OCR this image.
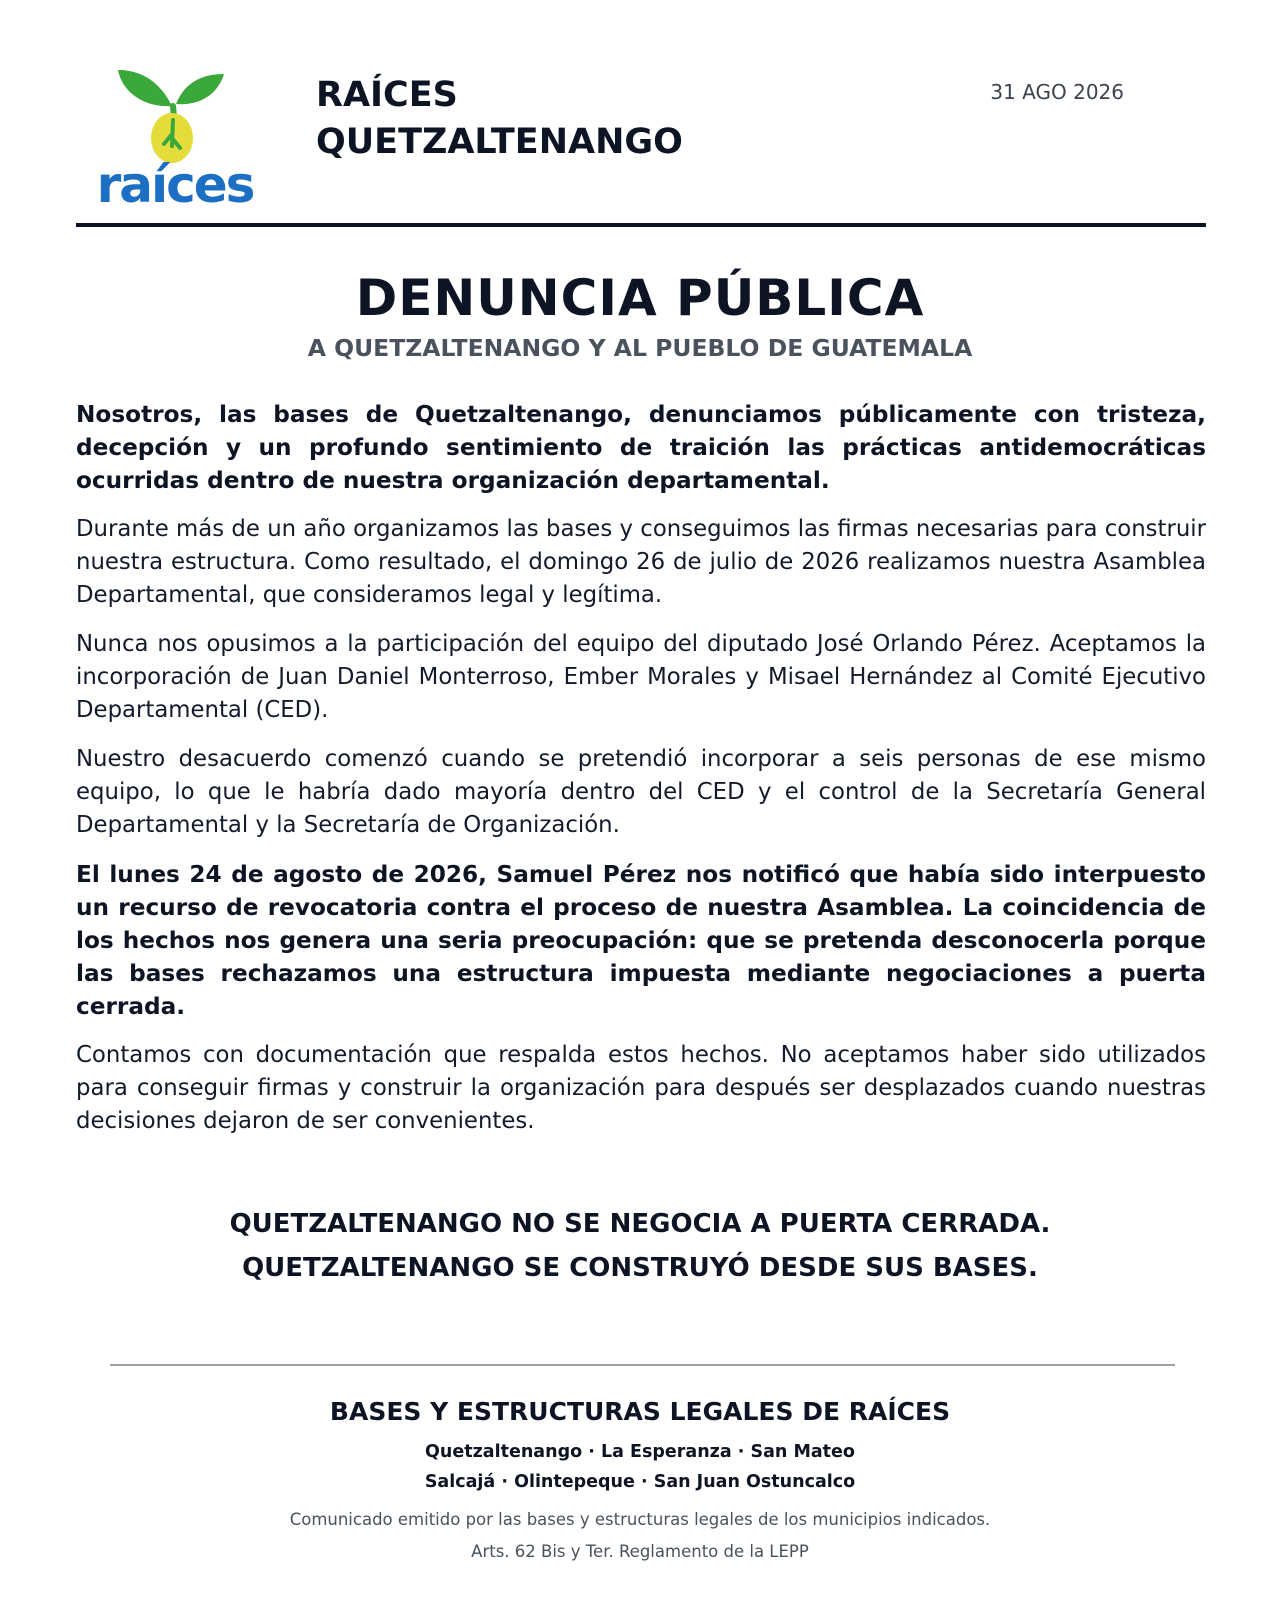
raíces
RAÍCES
QUETZALTENANGO
31 AGO 2026
DENUNCIA PÚBLICA
A QUETZALTENANGO Y AL PUEBLO DE GUATEMALA

Nosotros, las bases de Quetzaltenango, denunciamos públicamente con tristeza, decepción y un profundo sentimiento de traición las prácticas antidemocráticas ocurridas dentro de nuestra organización departamental.

Durante más de un año organizamos las bases y conseguimos las firmas necesarias para construir nuestra estructura. Como resultado, el domingo 26 de julio de 2026 realizamos nuestra Asamblea Departamental, que consideramos legal y legítima.

Nunca nos opusimos a la participación del equipo del diputado José Orlando Pérez. Aceptamos la incorporación de Juan Daniel Monterroso, Ember Morales y Misael Hernández al Comité Ejecutivo Departamental (CED).

Nuestro desacuerdo comenzó cuando se pretendió incorporar a seis personas de ese mismo equipo, lo que le habría dado mayoría dentro del CED y el control de la Secretaría General Departamental y la Secretaría de Organización.

El lunes 24 de agosto de 2026, Samuel Pérez nos notificó que había sido interpuesto un recurso de revocatoria contra el proceso de nuestra Asamblea. La coincidencia de los hechos nos genera una seria preocupación: que se pretenda desconocerla porque las bases rechazamos una estructura impuesta mediante negociaciones a puerta cerrada.

Contamos con documentación que respalda estos hechos. No aceptamos haber sido utilizados para conseguir firmas y construir la organización para después ser desplazados cuando nuestras decisiones dejaron de ser convenientes.

QUETZALTENANGO NO SE NEGOCIA A PUERTA CERRADA.
QUETZALTENANGO SE CONSTRUYÓ DESDE SUS BASES.
BASES Y ESTRUCTURAS LEGALES DE RAÍCES
Quetzaltenango · La Esperanza · San Mateo
Salcajá · Olintepeque · San Juan Ostuncalco
Comunicado emitido por las bases y estructuras legales de los municipios indicados.
Arts. 62 Bis y Ter. Reglamento de la LEPP
